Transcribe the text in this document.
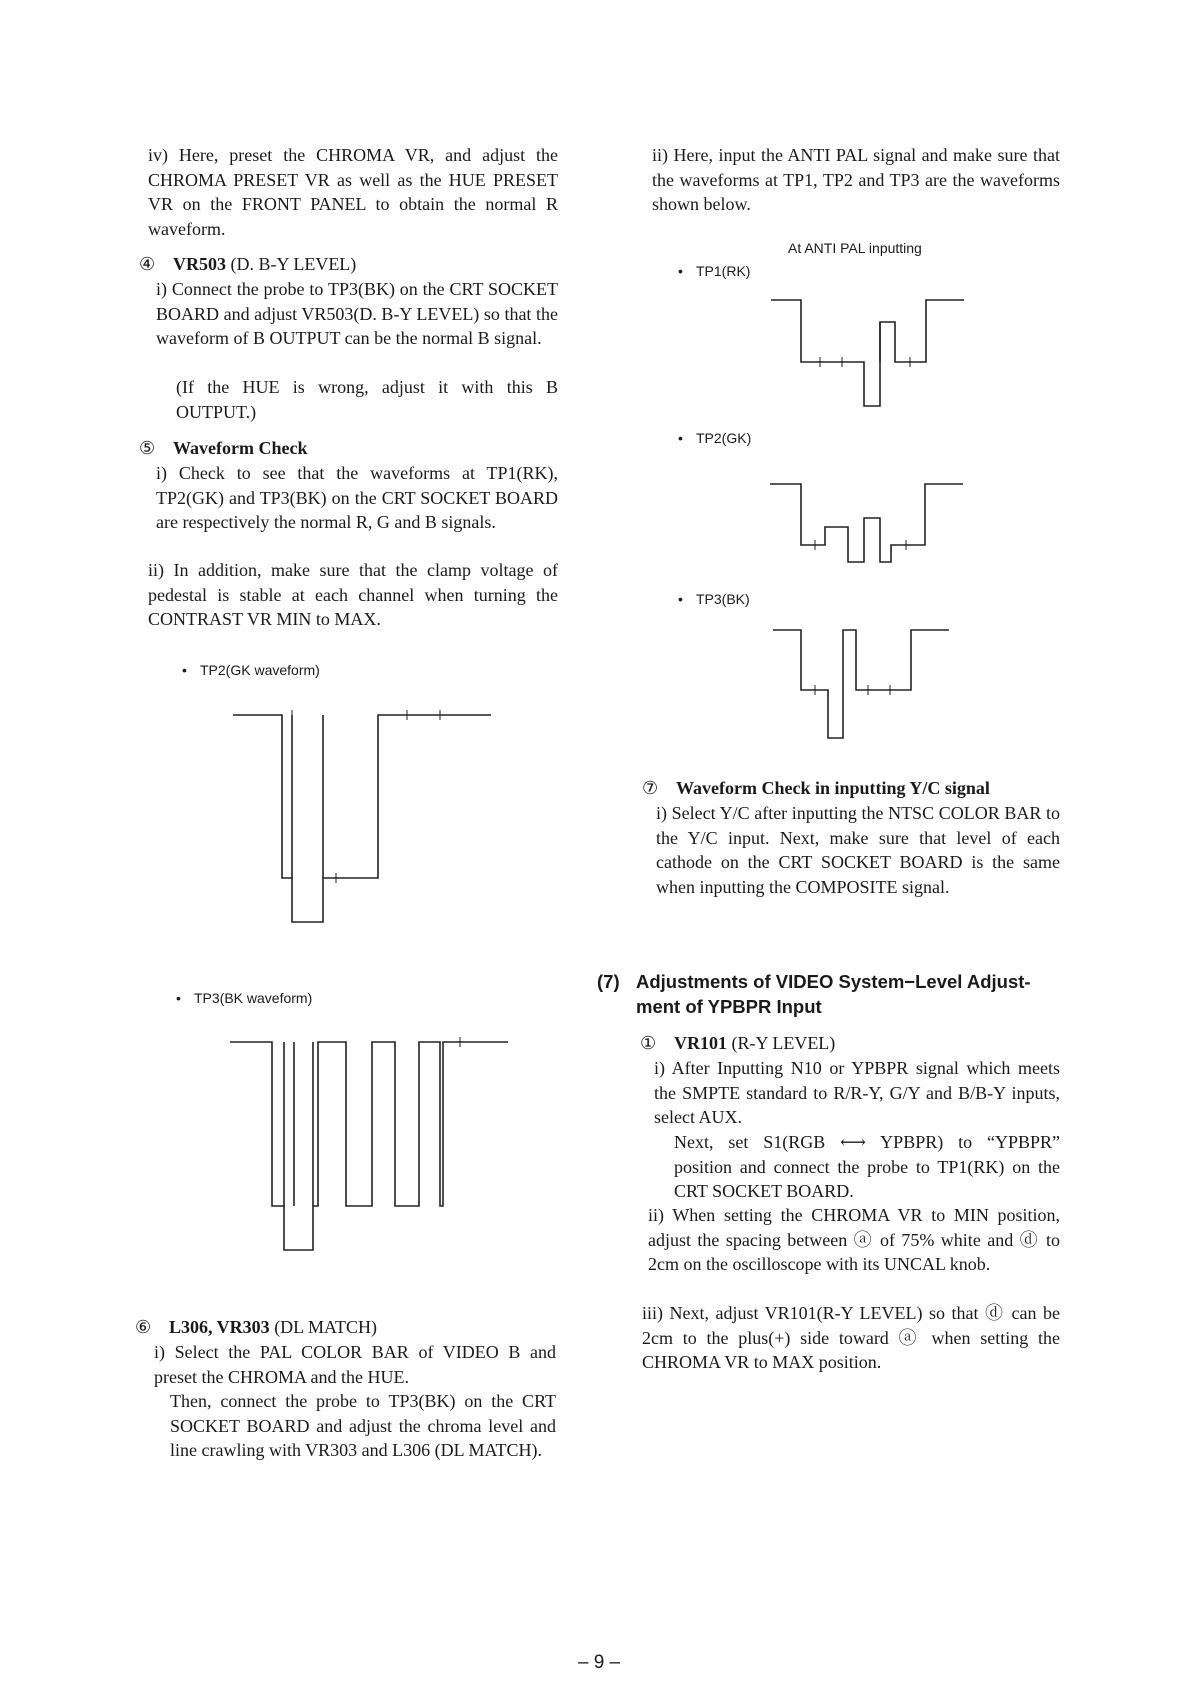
iv) Here, preset the CHROMA VR, and adjust the CHROMA PRESET VR as well as the HUE PRESET VR on the FRONT PANEL to obtain the normal R waveform.
④ VR503 (D. B-Y LEVEL)
i) Connect the probe to TP3(BK) on the CRT SOCKET BOARD and adjust VR503(D. B-Y LEVEL) so that the waveform of B OUTPUT can be the normal B signal.
(If the HUE is wrong, adjust it with this B OUTPUT.)
⑤ Waveform Check
i) Check to see that the waveforms at TP1(RK), TP2(GK) and TP3(BK) on the CRT SOCKET BOARD are respectively the normal R, G and B signals.
ii) In addition, make sure that the clamp voltage of pedestal is stable at each channel when turning the CONTRAST VR MIN to MAX.
• TP2(GK waveform)
• TP3(BK waveform)
⑥ L306, VR303 (DL MATCH)
i) Select the PAL COLOR BAR of VIDEO B and preset the CHROMA and the HUE.
Then, connect the probe to TP3(BK) on the CRT SOCKET BOARD and adjust the chroma level and line crawling with VR303 and L306 (DL MATCH).
ii) Here, input the ANTI PAL signal and make sure that the waveforms at TP1, TP2 and TP3 are the waveforms shown below.
At ANTI PAL inputting
• TP1(RK)
• TP2(GK)
• TP3(BK)
⑦ Waveform Check in inputting Y/C signal
i) Select Y/C after inputting the NTSC COLOR BAR to the Y/C input. Next, make sure that level of each cathode on the CRT SOCKET BOARD is the same when inputting the COMPOSITE signal.
(7) Adjustments of VIDEO System−Level Adjust-ment of YPBPR Input
① VR101 (R-Y LEVEL)
i) After Inputting N10 or YPBPR signal which meets the SMPTE standard to R/R-Y, G/Y and B/B-Y inputs, select AUX.
Next, set S1(RGB ⟷ YPBPR) to “YPBPR” position and connect the probe to TP1(RK) on the CRT SOCKET BOARD.
ii) When setting the CHROMA VR to MIN position, adjust the spacing between ⓐ of 75% white and ⓓ to 2cm on the oscilloscope with its UNCAL knob.
iii) Next, adjust VR101(R-Y LEVEL) so that ⓓ can be 2cm to the plus(+) side toward ⓐ when setting the CHROMA VR to MAX position.
– 9 –
